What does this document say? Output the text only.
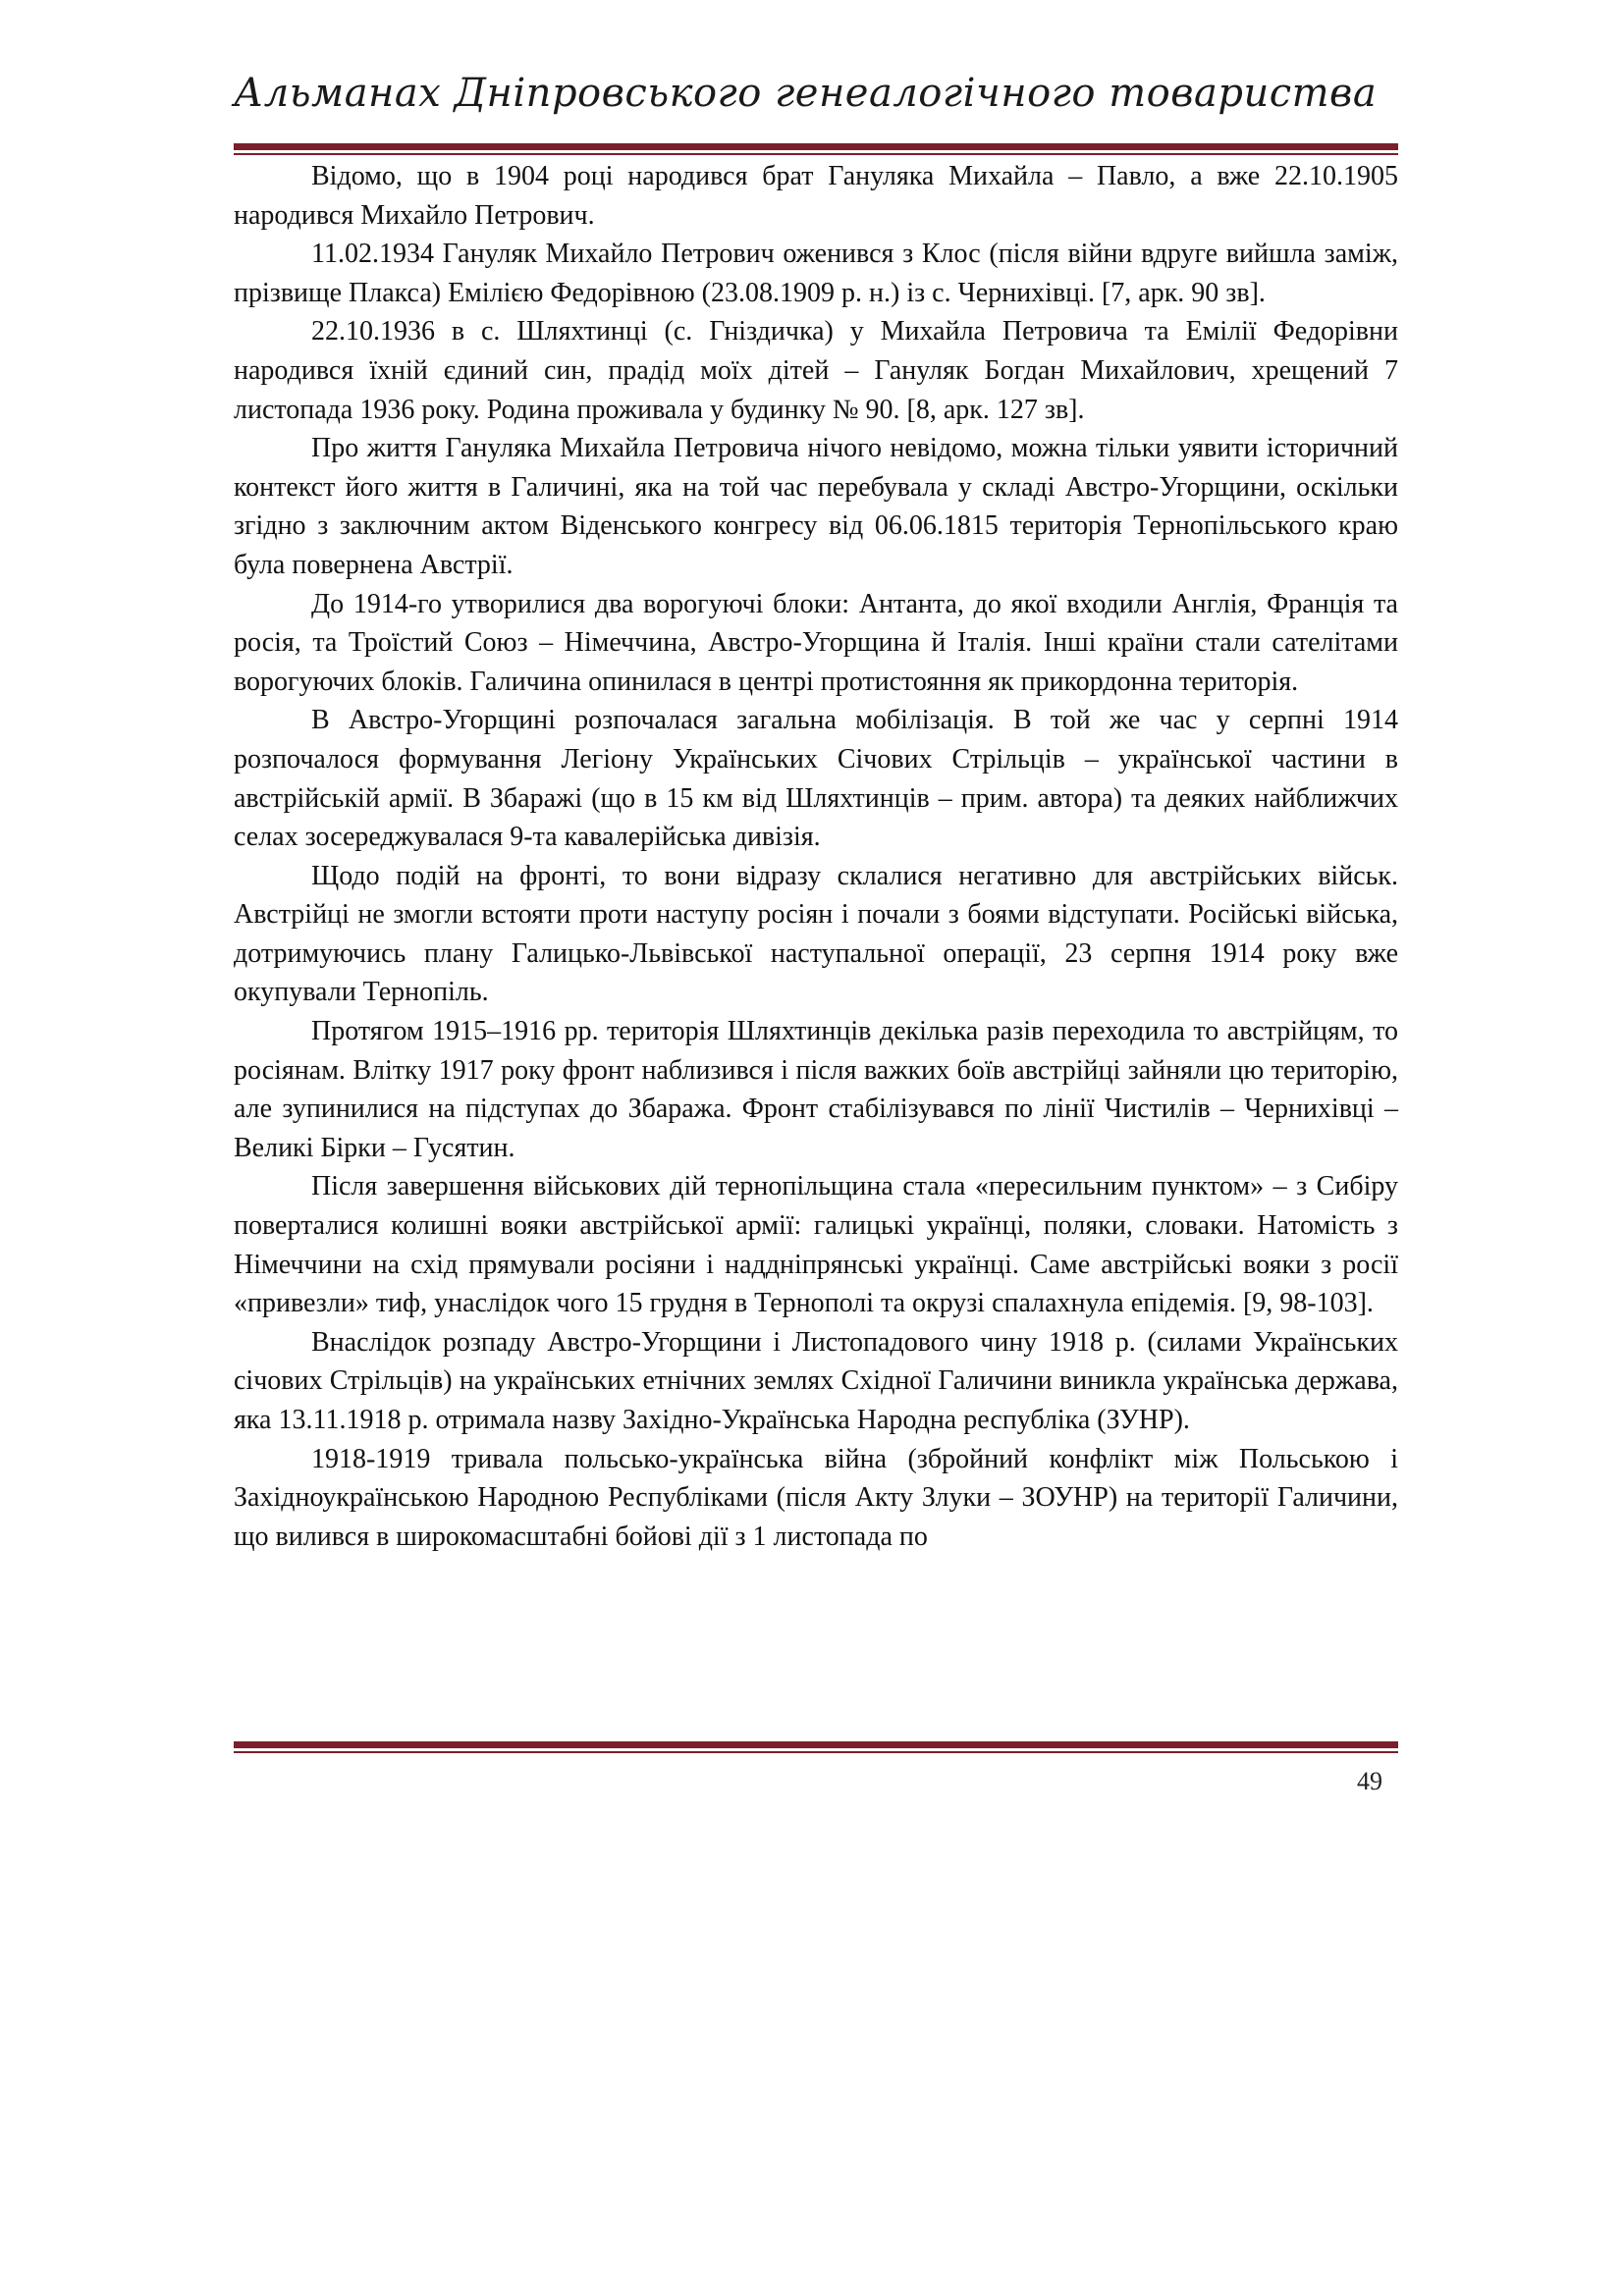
Альманах Дніпровського генеалогічного товариства

Відомо, що в 1904 році народився брат Гануляка Михайла – Павло, а вже 22.10.1905 народився Михайло Петрович.

11.02.1934 Гануляк Михайло Петрович оженився з Клос (після війни вдруге вийшла заміж, прізвище Плакса) Емілією Федорівною (23.08.1909 р. н.) із с. Чернихівці. [7, арк. 90 зв].

22.10.1936 в с. Шляхтинці (с. Гніздичка) у Михайла Петровича та Емілії Федорівни народився їхній єдиний син, прадід моїх дітей – Гануляк Богдан Михайлович, хрещений 7 листопада 1936 року. Родина проживала у будинку № 90. [8, арк. 127 зв].

Про життя Гануляка Михайла Петровича нічого невідомо, можна тільки уявити історичний контекст його життя в Галичині, яка на той час перебувала у складі Австро-Угорщини, оскільки згідно з заключним актом Віденського конгресу від 06.06.1815 територія Тернопільського краю була повернена Австрії.

До 1914-го утворилися два ворогуючі блоки: Антанта, до якої входили Англія, Франція та росія, та Троїстий Союз – Німеччина, Австро-Угорщина й Італія. Інші країни стали сателітами ворогуючих блоків. Галичина опинилася в центрі протистояння як прикордонна територія.

В Австро-Угорщині розпочалася загальна мобілізація. В той же час у серпні 1914 розпочалося формування Легіону Українських Січових Стрільців – української частини в австрійській армії. В Збаражі (що в 15 км від Шляхтинців – прим. автора) та деяких найближчих селах зосереджувалася 9-та кавалерійська дивізія.

Щодо подій на фронті, то вони відразу склалися негативно для австрійських військ. Австрійці не змогли встояти проти наступу росіян і почали з боями відступати. Російські війська, дотримуючись плану Галицько-Львівської наступальної операції, 23 серпня 1914 року вже окупували Тернопіль.

Протягом 1915–1916 рр. територія Шляхтинців декілька разів переходила то австрійцям, то росіянам. Влітку 1917 року фронт наблизився і після важких боїв австрійці зайняли цю територію, але зупинилися на підступах до Збаража. Фронт стабілізувався по лінії Чистилів – Чернихівці – Великі Бірки – Гусятин.

Після завершення військових дій тернопільщина стала «пересильним пунктом» – з Сибіру поверталися колишні вояки австрійської армії: галицькі українці, поляки, словаки. Натомість з Німеччини на схід прямували росіяни і наддніпрянські українці. Саме австрійські вояки з росії «привезли» тиф, унаслідок чого 15 грудня в Тернополі та окрузі спалахнула епідемія. [9, 98-103].

Внаслідок розпаду Австро-Угорщини і Листопадового чину 1918 р. (силами Українських січових Стрільців) на українських етнічних землях Східної Галичини виникла українська держава, яка 13.11.1918 р. отримала назву Західно-Українська Народна республіка (ЗУНР).

1918-1919 тривала польсько-українська війна (збройний конфлікт між Польською і Західноукраїнською Народною Республіками (після Акту Злуки – ЗОУНР) на території Галичини, що вилився в широкомасштабні бойові дії з 1 листопада по

49
